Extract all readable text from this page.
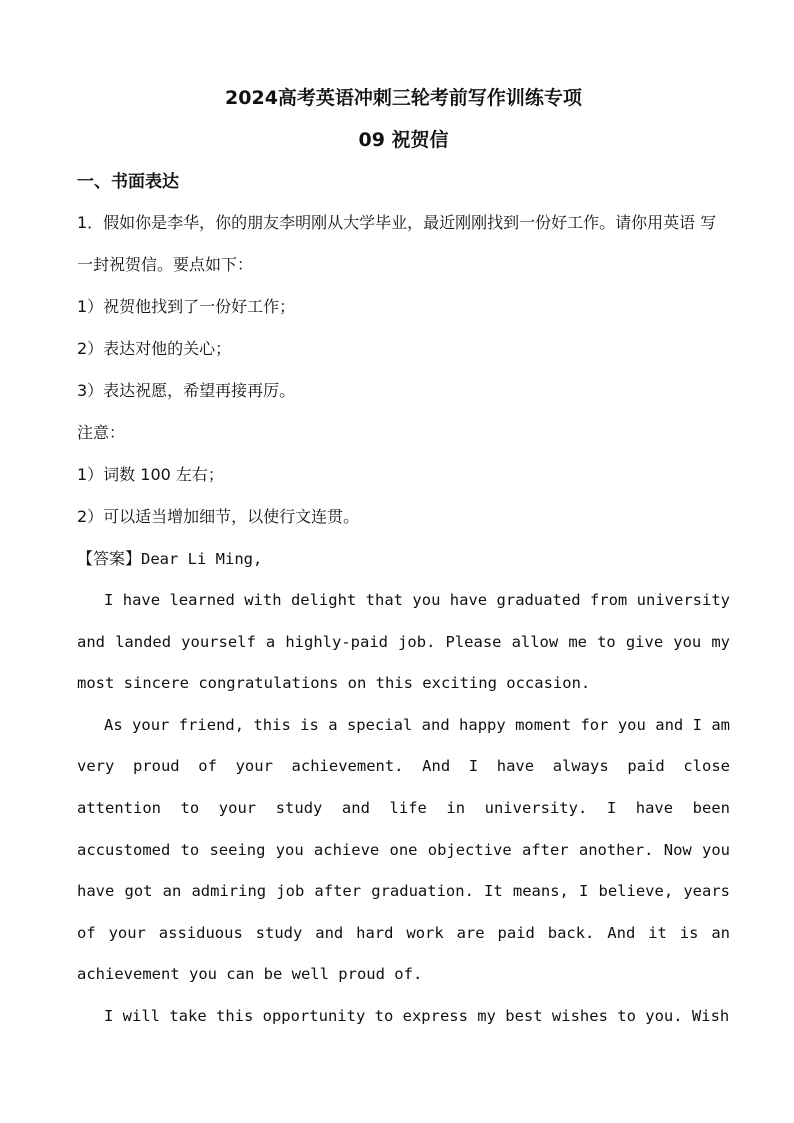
2024高考英语冲刺三轮考前写作训练专项

09 祝贺信

一、书面表达

1．假如你是李华，你的朋友李明刚从大学毕业，最近刚刚找到一份好工作。请你用英语 写一封祝贺信。要点如下：

1）祝贺他找到了一份好工作；

2）表达对他的关心；

3）表达祝愿，希望再接再厉。

注意：

1）词数 100 左右；

2）可以适当增加细节，以使行文连贯。

【答案】Dear Li Ming,

I have learned with delight that you have graduated from university and landed yourself a highly-paid job. Please allow me to give you my most sincere congratulations on this exciting occasion.

As your friend, this is a special and happy moment for you and I am very proud of your achievement. And I have always paid close attention to your study and life in university. I have been accustomed to seeing you achieve one objective after another. Now you have got an admiring job after graduation. It means, I believe, years of your assiduous study and hard work are paid back. And it is an achievement you can be well proud of.

I will take this opportunity to express my best wishes to you. Wish
